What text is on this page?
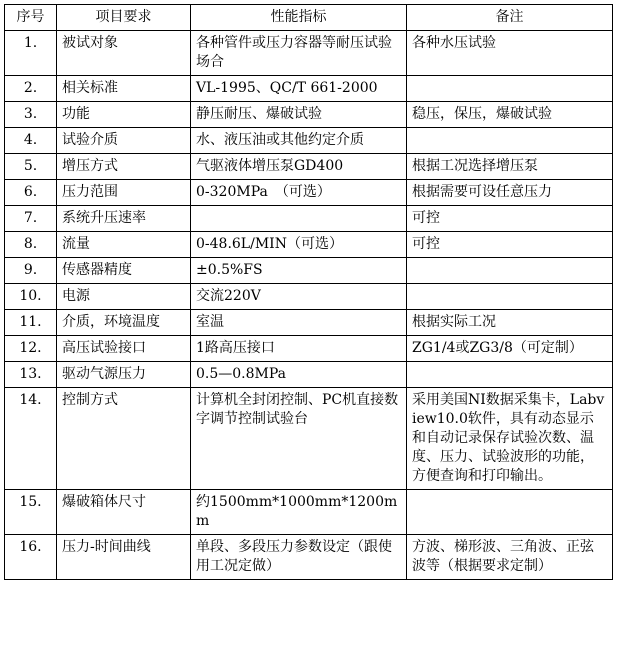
序号	项目要求	性能指标	备注
1.	被试对象	各种管件或压力容器等耐压试验场合	各种水压试验
2.	相关标准	VL-1995、QC/T 661-2000	
3.	功能	静压耐压、爆破试验	稳压，保压，爆破试验
4.	试验介质	水、液压油或其他约定介质	
5.	增压方式	气驱液体增压泵GD400	根据工况选择增压泵
6.	压力范围	0-320MPa　（可选）	根据需要可设任意压力
7.	系统升压速率		可控
8.	流量	0-48.6L/MIN（可选）	可控
9.	传感器精度	±0.5%FS	
10.	电源	交流220V	
11.	介质，环境温度	室温	根据实际工况
12.	高压试验接口	1路高压接口	ZG1/4或ZG3/8（可定制）
13.	驱动气源压力	0.5—0.8MPa	
14.	控制方式	计算机全封闭控制、PC机直接数字调节控制试验台	采用美国NI数据采集卡，Labview10.0软件，具有动态显示和自动记录保存试验次数、温度、压力、试验波形的功能，方便查询和打印输出。
15.	爆破箱体尺寸	约1500mm*1000mm*1200mm	
16.	压力-时间曲线	单段、多段压力参数设定（跟使用工况定做）	方波、梯形波、三角波、正弦波等（根据要求定制）
